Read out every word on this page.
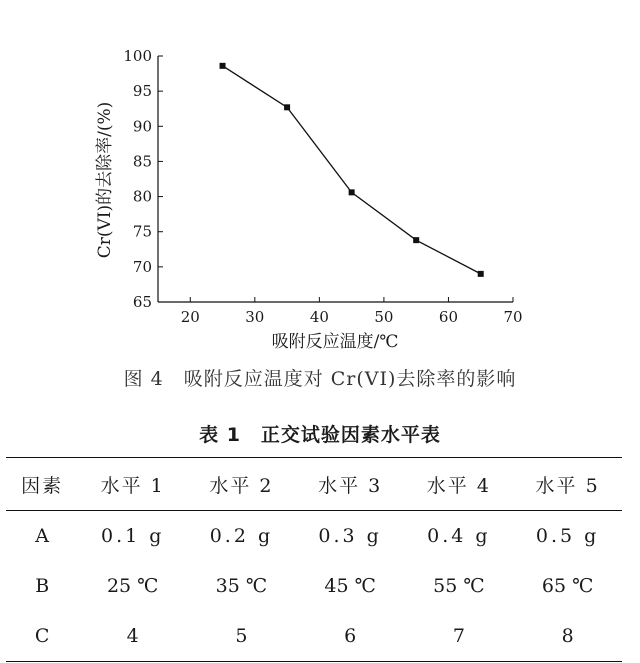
20	30	40	50	60	70
65
70
75
80
85
90
95
100
吸附反应温度/℃
Cr(VI)的去除率/(%)
图 4　吸附反应温度对 Cr(VI)去除率的影响
表 1　正交试验因素水平表
因素	水平 1	水平 2	水平 3	水平 4	水平 5
A	0.1 g	0.2 g	0.3 g	0.4 g	0.5 g
B	25 ℃	35 ℃	45 ℃	55 ℃	65 ℃
C	4	5	6	7	8
